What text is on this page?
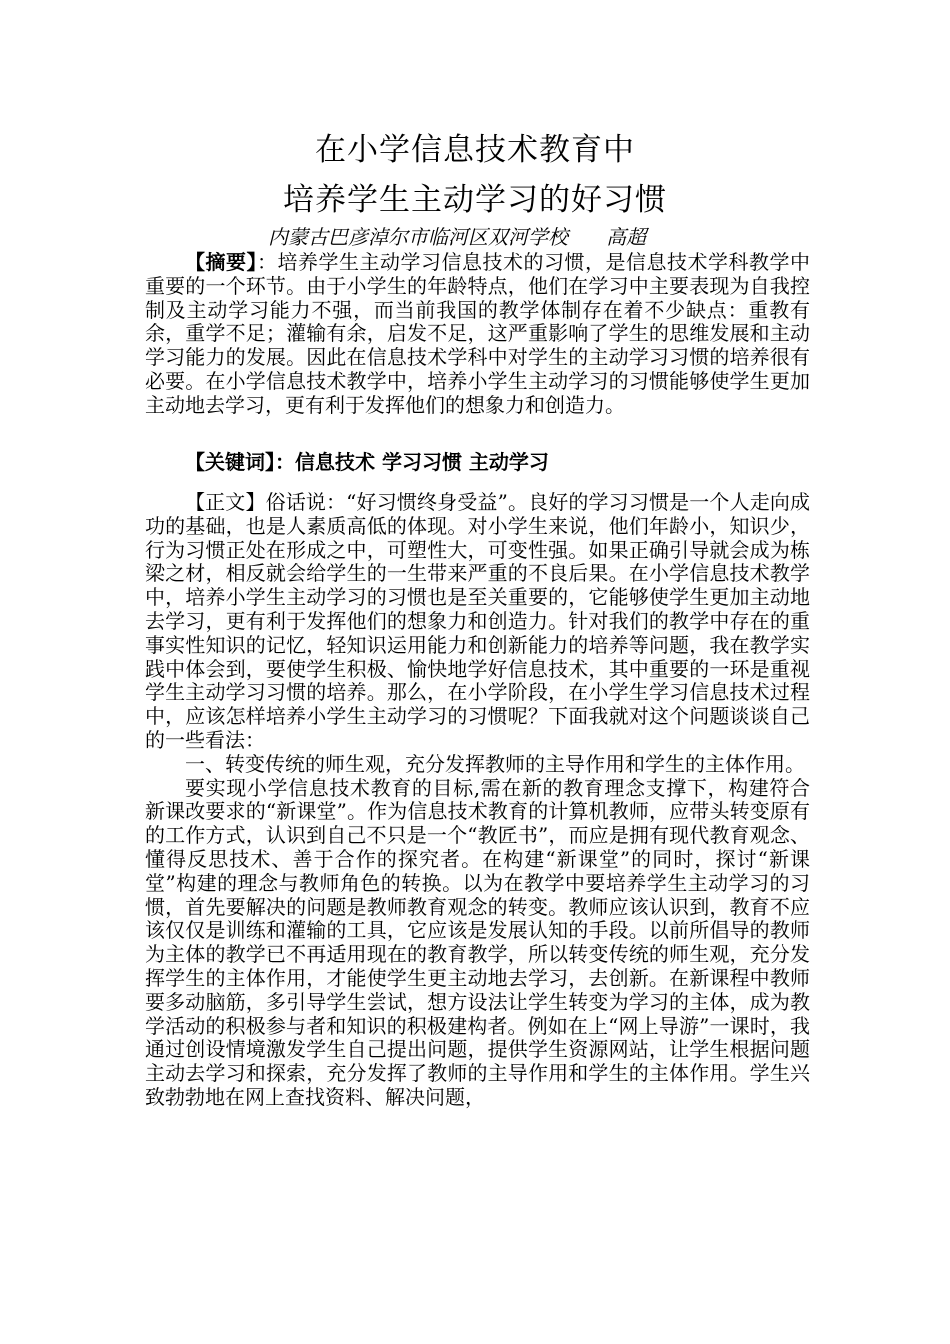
在小学信息技术教育中
培养学生主动学习的好习惯
内蒙古巴彦淖尔市临河区双河学校      高超

【摘要】：培养学生主动学习信息技术的习惯，是信息技术学科教学中重要的一个环节。由于小学生的年龄特点，他们在学习中主要表现为自我控制及主动学习能力不强，而当前我国的教学体制存在着不少缺点：重教有余，重学不足；灌输有余，启发不足，这严重影响了学生的思维发展和主动学习能力的发展。因此在信息技术学科中对学生的主动学习习惯的培养很有必要。在小学信息技术教学中，培养小学生主动学习的习惯能够使学生更加主动地去学习，更有利于发挥他们的想象力和创造力。

【关键词】：信息技术 学习习惯 主动学习

【正文】俗话说：“好习惯终身受益”。良好的学习习惯是一个人走向成功的基础，也是人素质高低的体现。对小学生来说，他们年龄小，知识少，行为习惯正处在形成之中，可塑性大，可变性强。如果正确引导就会成为栋梁之材，相反就会给学生的一生带来严重的不良后果。在小学信息技术教学中，培养小学生主动学习的习惯也是至关重要的，它能够使学生更加主动地去学习，更有利于发挥他们的想象力和创造力。针对我们的教学中存在的重事实性知识的记忆，轻知识运用能力和创新能力的培养等问题，我在教学实践中体会到，要使学生积极、愉快地学好信息技术，其中重要的一环是重视学生主动学习习惯的培养。那么，在小学阶段，在小学生学习信息技术过程中，应该怎样培养小学生主动学习的习惯呢？下面我就对这个问题谈谈自己的一些看法：

一、转变传统的师生观，充分发挥教师的主导作用和学生的主体作用。

要实现小学信息技术教育的目标,需在新的教育理念支撑下，构建符合新课改要求的“新课堂”。作为信息技术教育的计算机教师，应带头转变原有的工作方式，认识到自己不只是一个“教匠书”，而应是拥有现代教育观念、懂得反思技术、善于合作的探究者。在构建“新课堂”的同时，探讨“新课堂”构建的理念与教师角色的转换。以为在教学中要培养学生主动学习的习惯，首先要解决的问题是教师教育观念的转变。教师应该认识到，教育不应该仅仅是训练和灌输的工具，它应该是发展认知的手段。以前所倡导的教师为主体的教学已不再适用现在的教育教学，所以转变传统的师生观，充分发挥学生的主体作用，才能使学生更主动地去学习，去创新。在新课程中教师要多动脑筋，多引导学生尝试，想方设法让学生转变为学习的主体，成为教学活动的积极参与者和知识的积极建构者。例如在上“网上导游”一课时，我通过创设情境激发学生自己提出问题，提供学生资源网站，让学生根据问题主动去学习和探索，充分发挥了教师的主导作用和学生的主体作用。学生兴致勃勃地在网上查找资料、解决问题，
